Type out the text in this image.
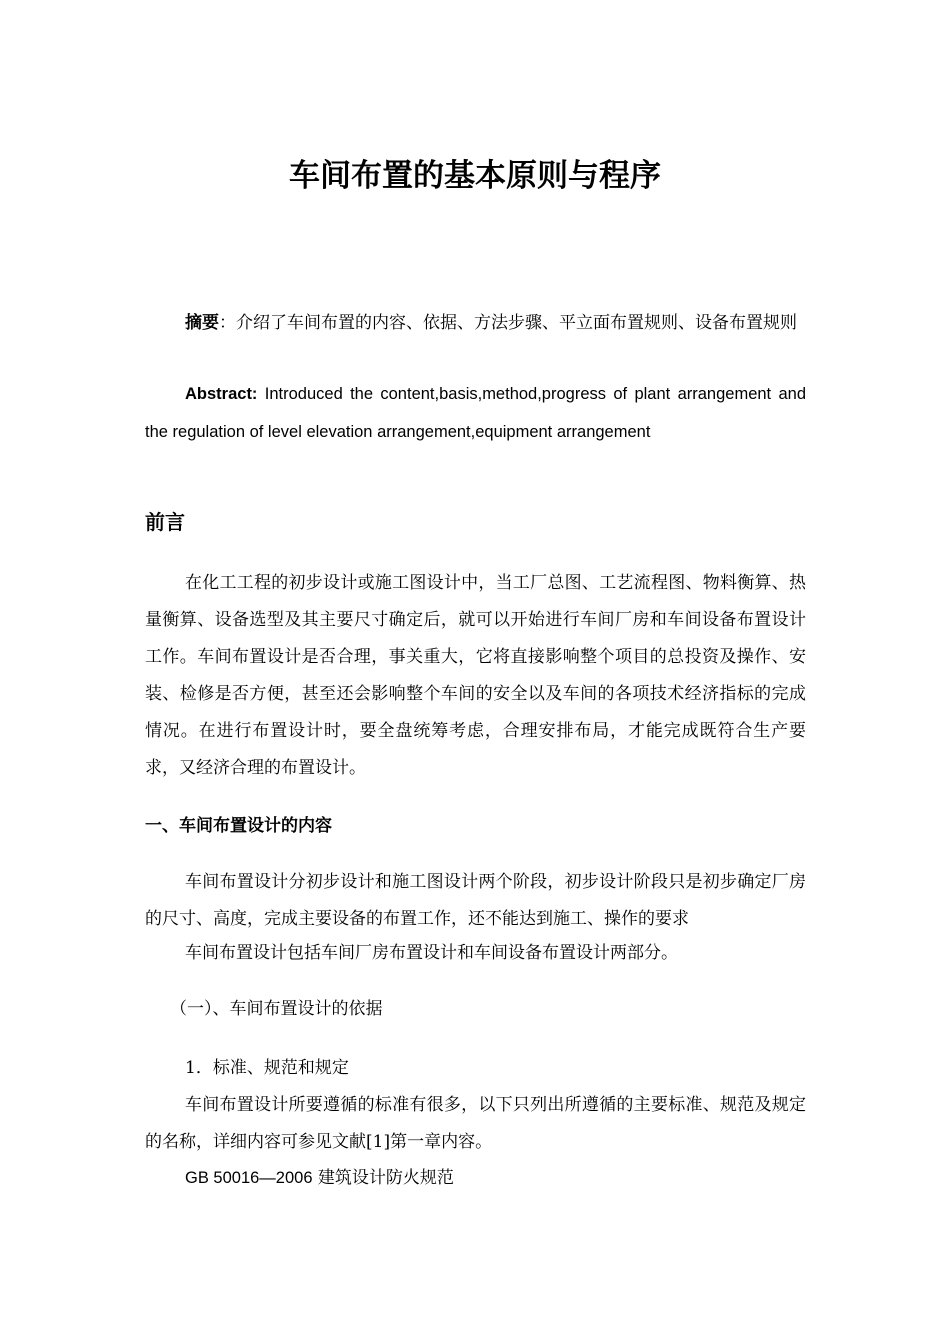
车间布置的基本原则与程序
摘要：介绍了车间布置的内容、依据、方法步骤、平立面布置规则、设备布置规则
Abstract: Introduced the content,basis,method,progress of plant arrangement and the regulation of level elevation arrangement,equipment arrangement
前言
在化工工程的初步设计或施工图设计中，当工厂总图、工艺流程图、物料衡算、热量衡算、设备选型及其主要尺寸确定后，就可以开始进行车间厂房和车间设备布置设计工作。车间布置设计是否合理，事关重大，它将直接影响整个项目的总投资及操作、安装、检修是否方便，甚至还会影响整个车间的安全以及车间的各项技术经济指标的完成情况。在进行布置设计时，要全盘统筹考虑，合理安排布局，才能完成既符合生产要求，又经济合理的布置设计。
一、车间布置设计的内容
车间布置设计分初步设计和施工图设计两个阶段，初步设计阶段只是初步确定厂房的尺寸、高度，完成主要设备的布置工作，还不能达到施工、操作的要求
车间布置设计包括车间厂房布置设计和车间设备布置设计两部分。
（一）、车间布置设计的依据
1．标准、规范和规定
车间布置设计所要遵循的标准有很多，以下只列出所遵循的主要标准、规范及规定的名称，详细内容可参见文献[1]第一章内容。
GB 50016—2006 建筑设计防火规范
